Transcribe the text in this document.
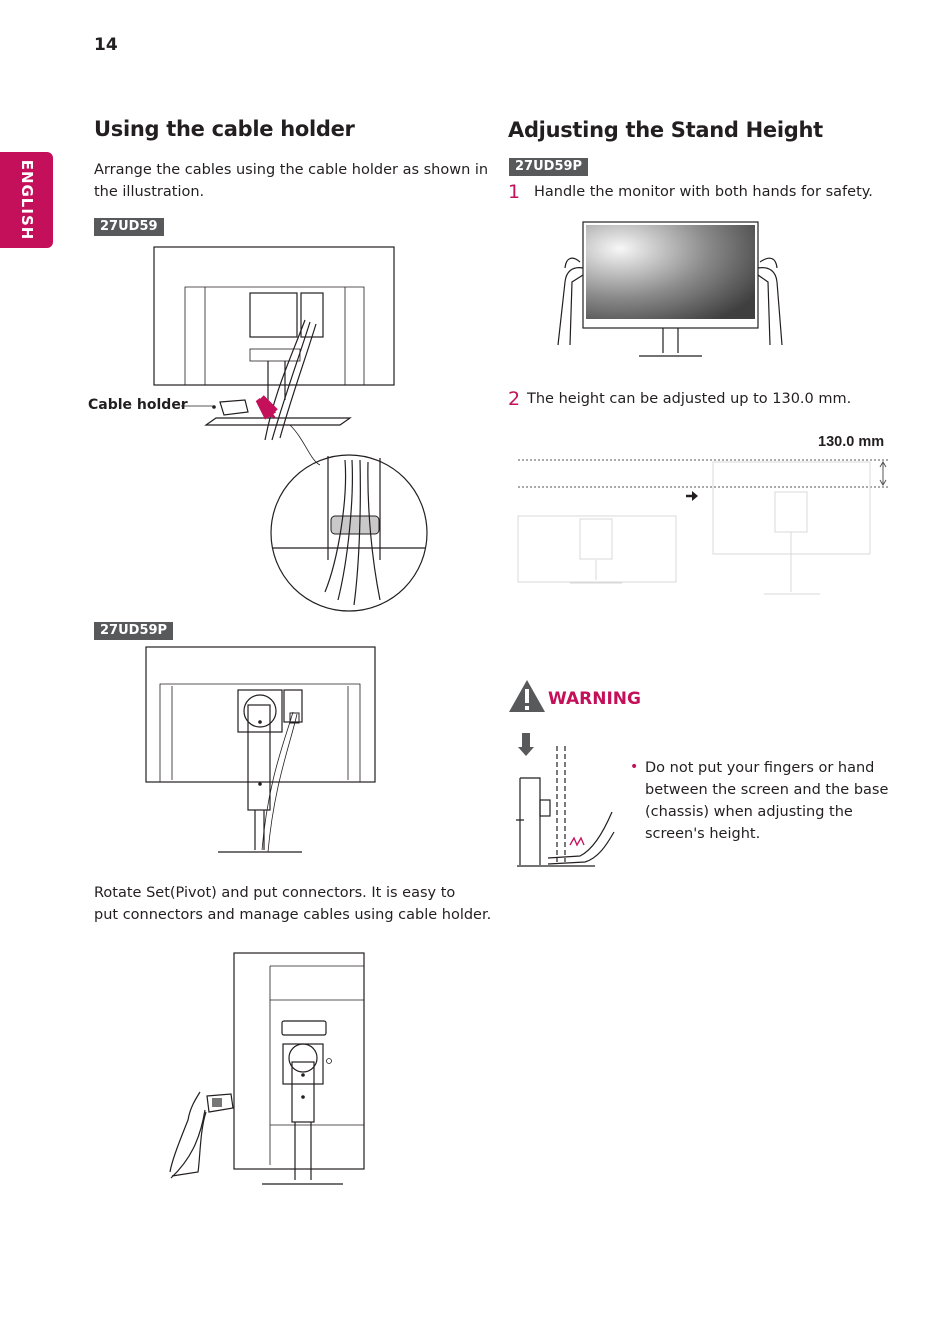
14
ENGLISH
Using the cable holder
Arrange the cables using the cable holder as shown in
the illustration.
27UD59
Cable holder
27UD59P
Rotate Set(Pivot) and put connectors. It is easy to
put connectors and manage cables using cable holder.
Adjusting the Stand Height
27UD59P
1 Handle the monitor with both hands for safety.
2 The height can be adjusted up to 130.0 mm.
130.0 mm
WARNING
• Do not put your fingers or hand
between the screen and the base
(chassis) when adjusting the
screen's height.
